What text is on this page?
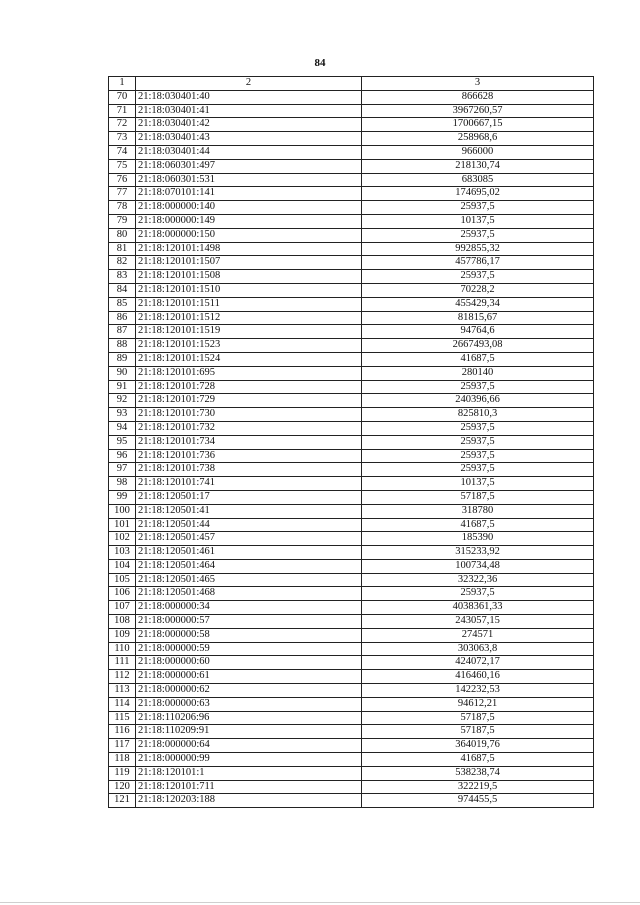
84
1	2	3
70	21:18:030401:40	866628
71	21:18:030401:41	3967260,57
72	21:18:030401:42	1700667,15
73	21:18:030401:43	258968,6
74	21:18:030401:44	966000
75	21:18:060301:497	218130,74
76	21:18:060301:531	683085
77	21:18:070101:141	174695,02
78	21:18:000000:140	25937,5
79	21:18:000000:149	10137,5
80	21:18:000000:150	25937,5
81	21:18:120101:1498	992855,32
82	21:18:120101:1507	457786,17
83	21:18:120101:1508	25937,5
84	21:18:120101:1510	70228,2
85	21:18:120101:1511	455429,34
86	21:18:120101:1512	81815,67
87	21:18:120101:1519	94764,6
88	21:18:120101:1523	2667493,08
89	21:18:120101:1524	41687,5
90	21:18:120101:695	280140
91	21:18:120101:728	25937,5
92	21:18:120101:729	240396,66
93	21:18:120101:730	825810,3
94	21:18:120101:732	25937,5
95	21:18:120101:734	25937,5
96	21:18:120101:736	25937,5
97	21:18:120101:738	25937,5
98	21:18:120101:741	10137,5
99	21:18:120501:17	57187,5
100	21:18:120501:41	318780
101	21:18:120501:44	41687,5
102	21:18:120501:457	185390
103	21:18:120501:461	315233,92
104	21:18:120501:464	100734,48
105	21:18:120501:465	32322,36
106	21:18:120501:468	25937,5
107	21:18:000000:34	4038361,33
108	21:18:000000:57	243057,15
109	21:18:000000:58	274571
110	21:18:000000:59	303063,8
111	21:18:000000:60	424072,17
112	21:18:000000:61	416460,16
113	21:18:000000:62	142232,53
114	21:18:000000:63	94612,21
115	21:18:110206:96	57187,5
116	21:18:110209:91	57187,5
117	21:18:000000:64	364019,76
118	21:18:000000:99	41687,5
119	21:18:120101:1	538238,74
120	21:18:120101:711	322219,5
121	21:18:120203:188	974455,5
